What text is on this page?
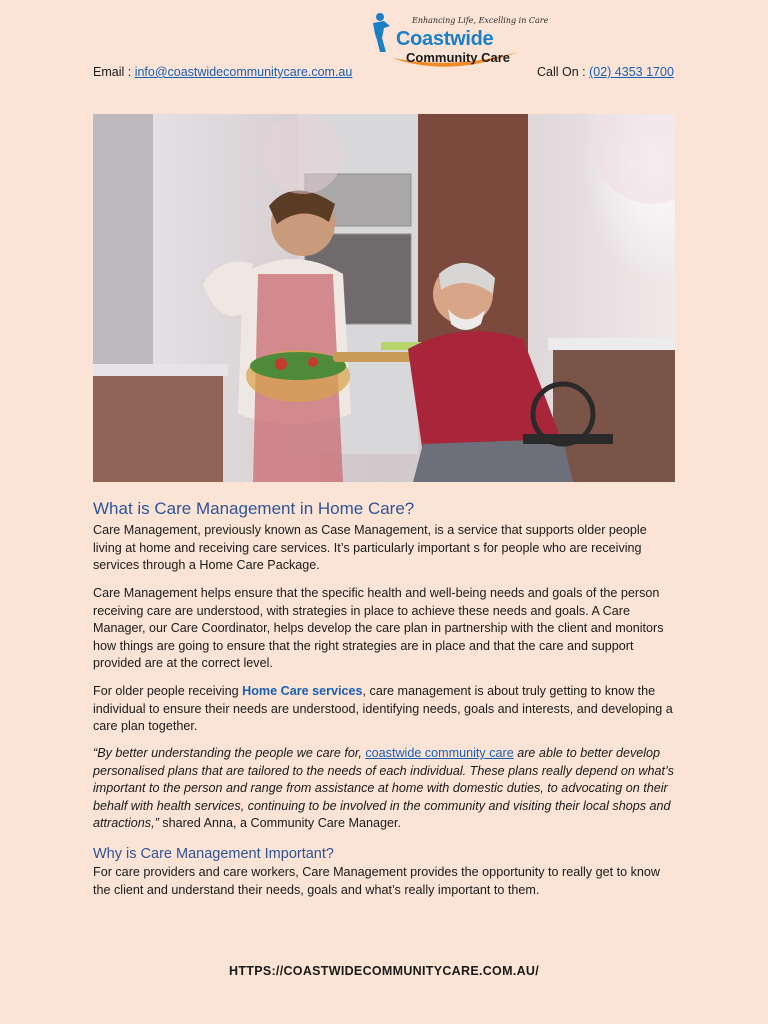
Enhancing Life, Excelling in Care
Coastwide
Community Care
Email : info@coastwidecommunitycare.com.au	Call On : (02) 4353 1700
What is Care Management in Home Care?

Care Management, previously known as Case Management, is a service that supports older people living at home and receiving care services. It’s particularly important s for people who are receiving services through a Home Care Package.

Care Management helps ensure that the specific health and well-being needs and goals of the person receiving care are understood, with strategies in place to achieve these needs and goals. A Care Manager, our Care Coordinator, helps develop the care plan in partnership with the client and monitors how things are going to ensure that the right strategies are in place and that the care and support provided are at the correct level.

For older people receiving Home Care services, care management is about truly getting to know the individual to ensure their needs are understood, identifying needs, goals and interests, and developing a care plan together.

“By better understanding the people we care for, coastwide community care are able to better develop personalised plans that are tailored to the needs of each individual. These plans really depend on what’s important to the person and range from assistance at home with domestic duties, to advocating on their behalf with health services, continuing to be involved in the community and visiting their local shops and attractions,” shared Anna, a Community Care Manager.

Why is Care Management Important?

For care providers and care workers, Care Management provides the opportunity to really get to know the client and understand their needs, goals and what’s really important to them.

HTTPS://COASTWIDECOMMUNITYCARE.COM.AU/
